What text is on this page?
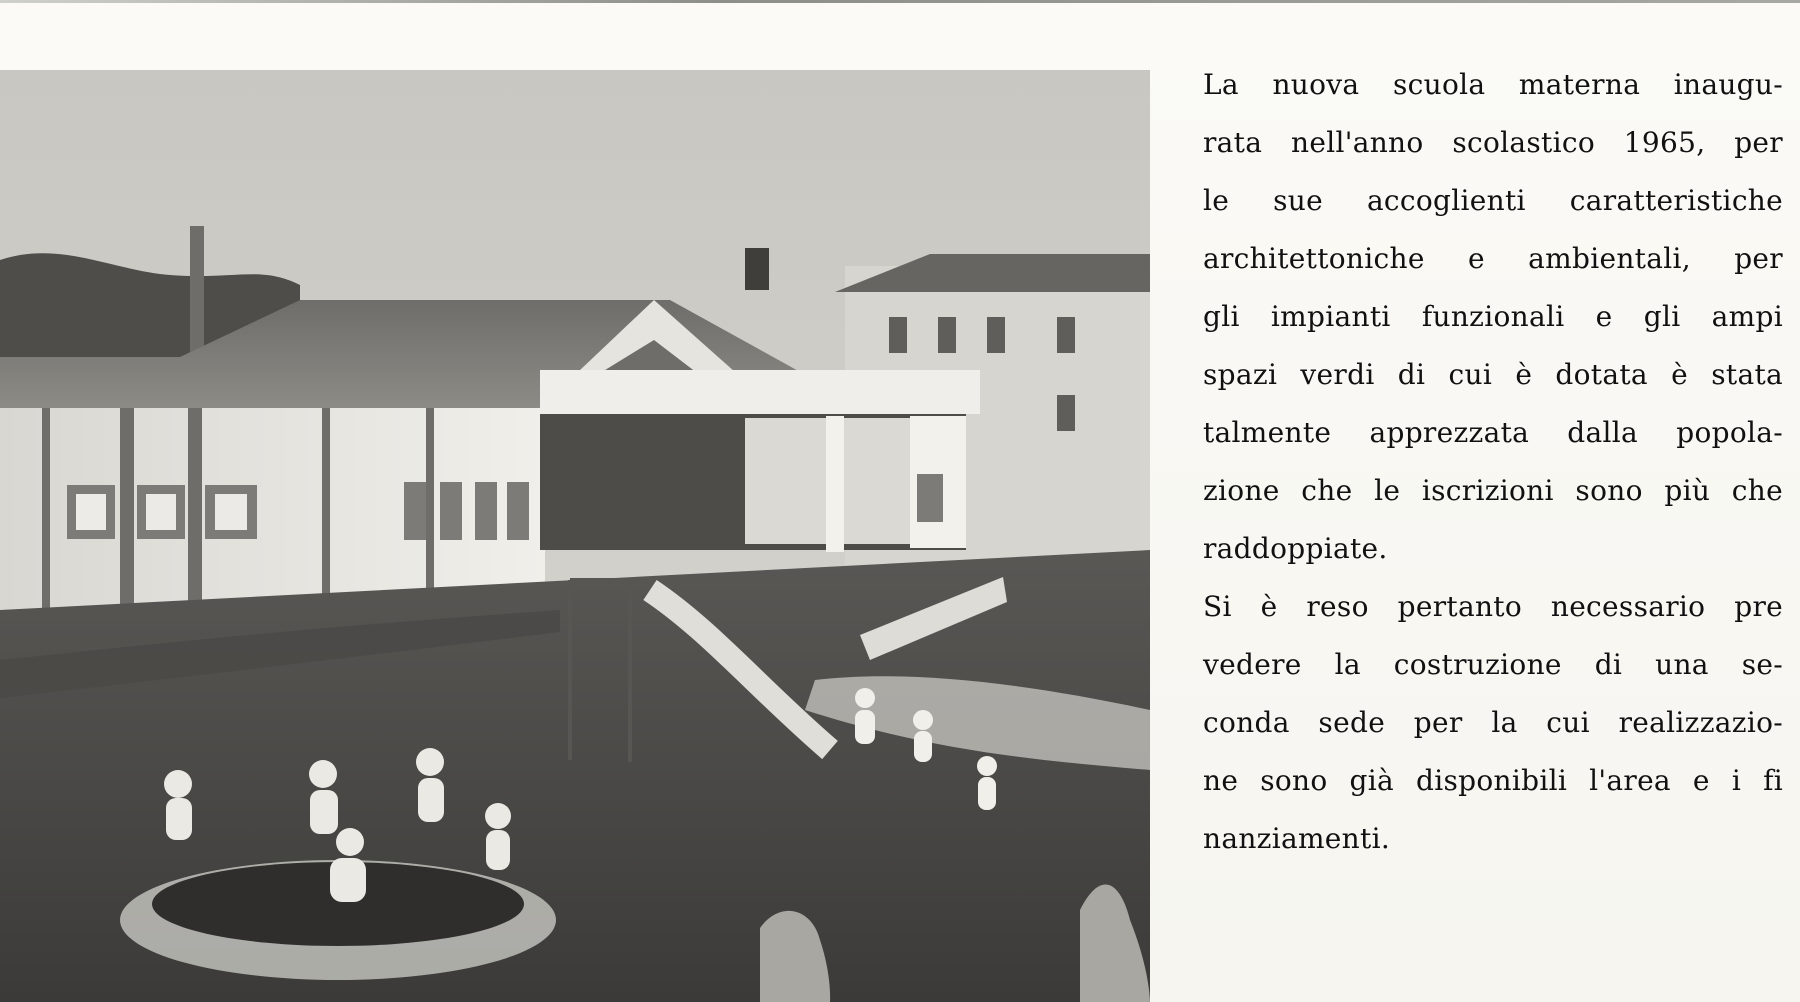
La nuova scuola materna inaugu-
rata nell'anno scolastico 1965, per
le sue accoglienti caratteristiche
architettoniche e ambientali, per
gli impianti funzionali e gli ampi
spazi verdi di cui è dotata è stata
talmente apprezzata dalla popola-
zione che le iscrizioni sono più che
raddoppiate.
Si è reso pertanto necessario pre
vedere la costruzione di una se-
conda sede per la cui realizzazio-
ne sono già disponibili l'area e i fi
nanziamenti.
